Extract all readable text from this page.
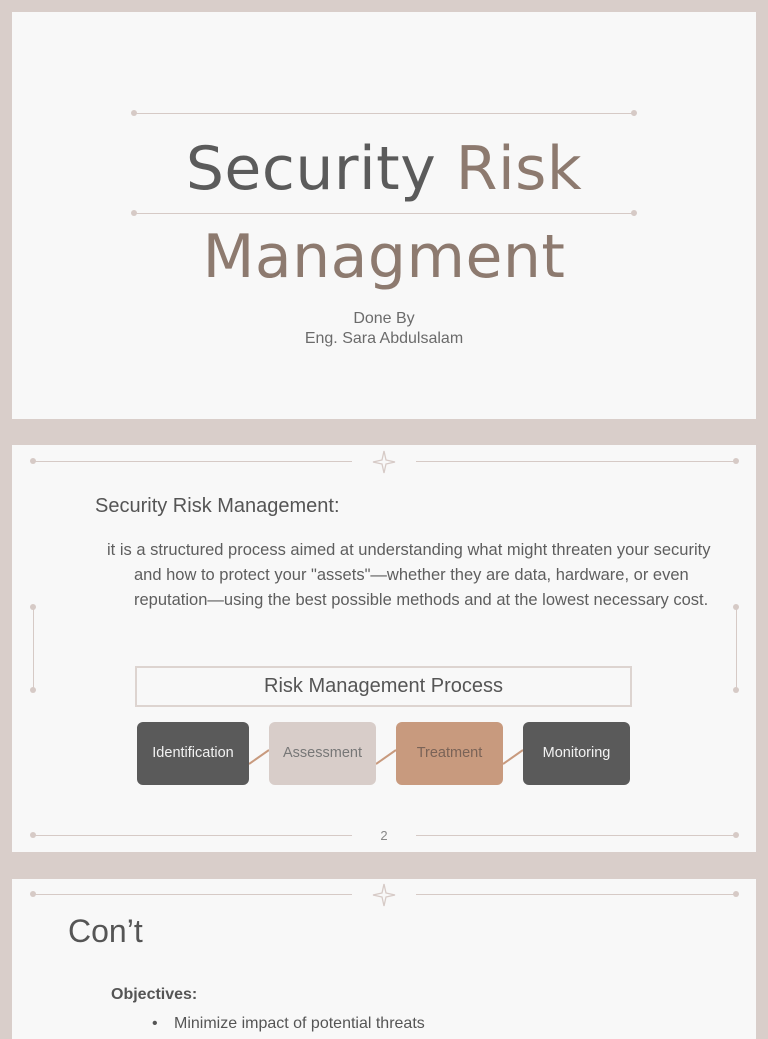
Security Risk
Managment
Done By
Eng. Sara Abdulsalam
Security Risk Management:
it is a structured process aimed at understanding what might threaten your security and how to protect your "assets"—whether they are data, hardware, or even reputation—using the best possible methods and at the lowest necessary cost.
Risk Management Process
Identification	Assessment	Treatment	Monitoring
2
Con’t
Objectives:
• Minimize impact of potential threats
